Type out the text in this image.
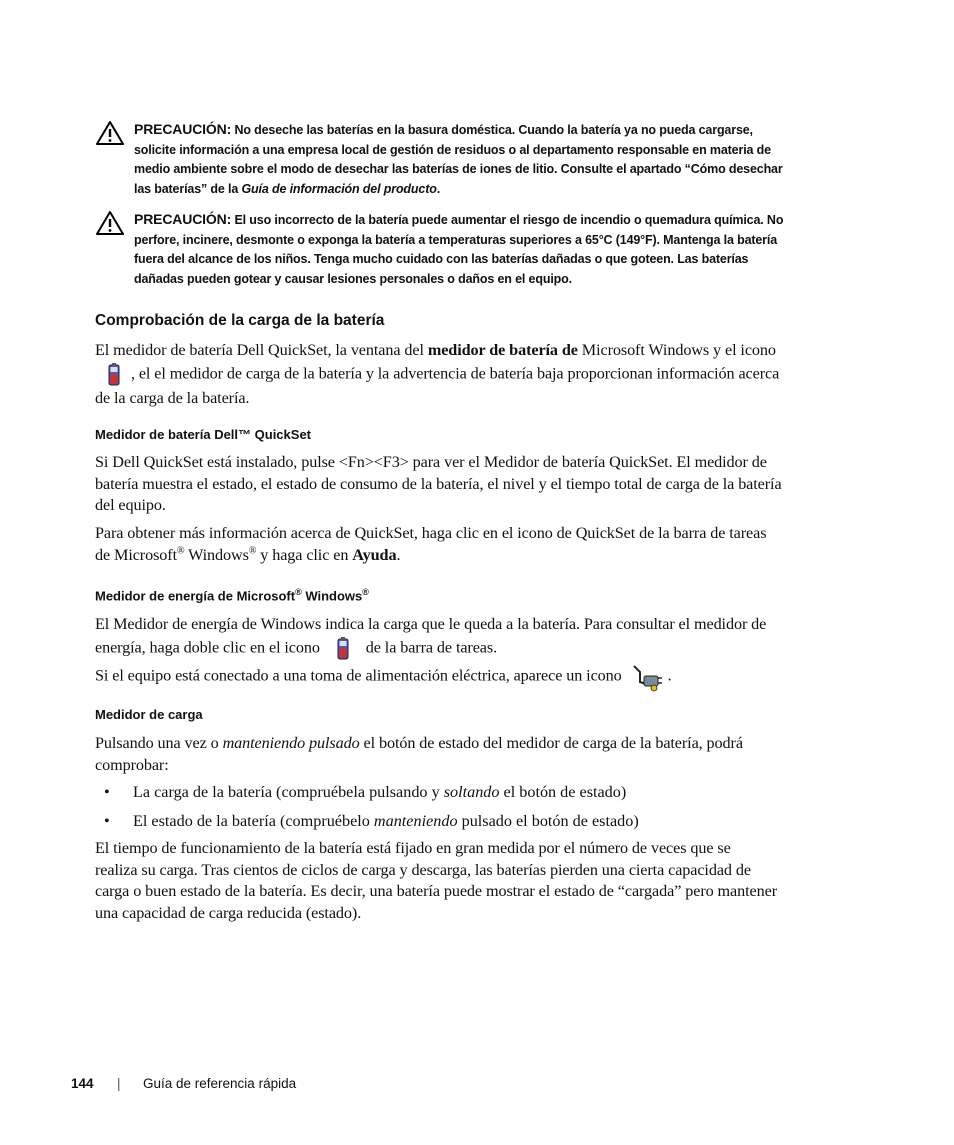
PRECAUCIÓN: No deseche las baterías en la basura doméstica. Cuando la batería ya no pueda cargarse,
solicite información a una empresa local de gestión de residuos o al departamento responsable en materia de
medio ambiente sobre el modo de desechar las baterías de iones de litio. Consulte el apartado “Cómo desechar
las baterías” de la Guía de información del producto.
PRECAUCIÓN: El uso incorrecto de la batería puede aumentar el riesgo de incendio o quemadura química. No
perfore, incinere, desmonte o exponga la batería a temperaturas superiores a 65°C (149°F). Mantenga la batería
fuera del alcance de los niños. Tenga mucho cuidado con las baterías dañadas o que goteen. Las baterías
dañadas pueden gotear y causar lesiones personales o daños en el equipo.
Comprobación de la carga de la batería

El medidor de batería Dell QuickSet, la ventana del medidor de batería de Microsoft Windows y el icono
, el el medidor de carga de la batería y la advertencia de batería baja proporcionan información acerca
de la carga de la batería.

Medidor de batería Dell™ QuickSet

Si Dell QuickSet está instalado, pulse <Fn><F3> para ver el Medidor de batería QuickSet. El medidor de
batería muestra el estado, el estado de consumo de la batería, el nivel y el tiempo total de carga de la batería
del equipo.

Para obtener más información acerca de QuickSet, haga clic en el icono de QuickSet de la barra de tareas
de Microsoft® Windows® y haga clic en Ayuda.

Medidor de energía de Microsoft® Windows®

El Medidor de energía de Windows indica la carga que le queda a la batería. Para consultar el medidor de
energía, haga doble clic en el icono  de la barra de tareas.

Si el equipo está conectado a una toma de alimentación eléctrica, aparece un icono	.

Medidor de carga

Pulsando una vez o manteniendo pulsado el botón de estado del medidor de carga de la batería, podrá
comprobar:

• La carga de la batería (compruébela pulsando y soltando el botón de estado)
• El estado de la batería (compruébelo manteniendo pulsado el botón de estado)

El tiempo de funcionamiento de la batería está fijado en gran medida por el número de veces que se
realiza su carga. Tras cientos de ciclos de carga y descarga, las baterías pierden una cierta capacidad de
carga o buen estado de la batería. Es decir, una batería puede mostrar el estado de “cargada” pero mantener
una capacidad de carga reducida (estado).

144 | Guía de referencia rápida
